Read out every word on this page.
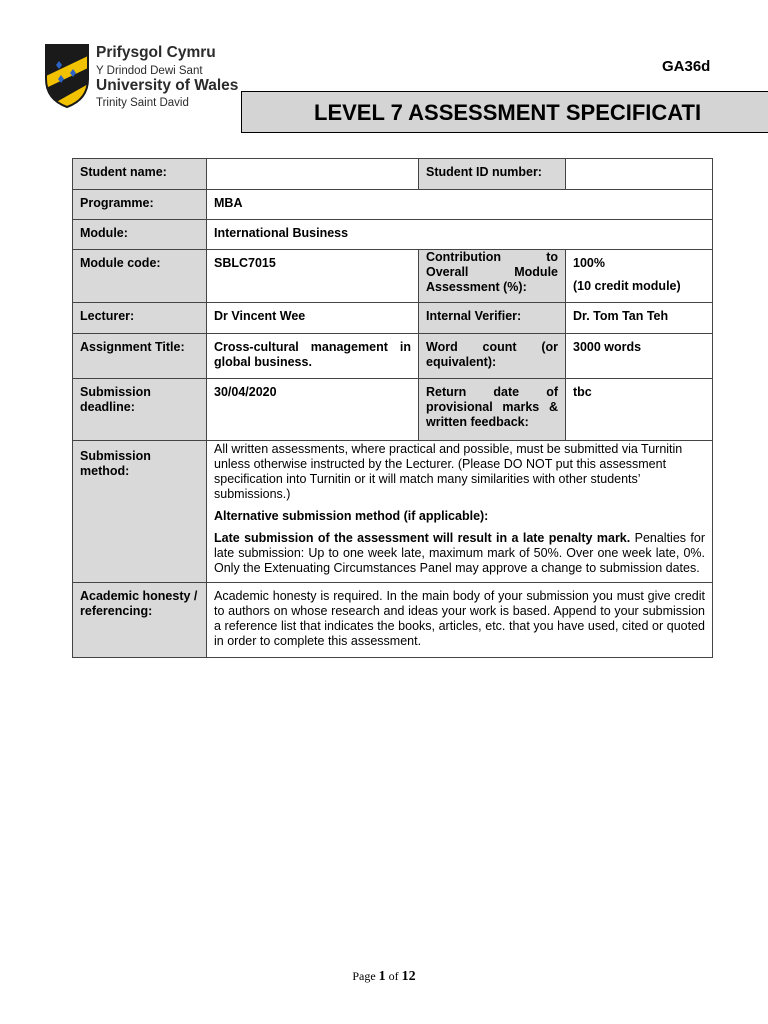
Prifysgol Cymru
Y Drindod Dewi Sant
University of Wales
Trinity Saint David
GA36d
LEVEL 7 ASSESSMENT SPECIFICATI
Student name:		Student ID number:	
Programme:	MBA		
Module:	International Business		
Module code:	SBLC7015	Contribution to Overall Module Assessment (%):	100%
(10 credit module)

Lecturer:	Dr Vincent Wee	Internal Verifier:	Dr. Tom Tan Teh
Assignment Title:	Cross-cultural management in global business.	Word count (or equivalent):	3000 words
Submission deadline:	30/04/2020	Return date of provisional marks & written feedback:	tbc
Submission method:	All written assessments, where practical and possible, must be submitted via Turnitin unless otherwise instructed by the Lecturer. (Please DO NOT put this assessment specification into Turnitin or it will match many similarities with other students’ submissions.)

Alternative submission method (if applicable):

Late submission of the assessment will result in a late penalty mark. Penalties for late submission: Up to one week late, maximum mark of 50%. Over one week late, 0%. Only the Extenuating Circumstances Panel may approve a change to submission dates.		

Academic honesty / referencing:	Academic honesty is required. In the main body of your submission you must give credit to authors on whose research and ideas your work is based. Append to your submission a reference list that indicates the books, articles, etc. that you have used, cited or quoted in order to complete this assessment.		
Page 1 of 12
